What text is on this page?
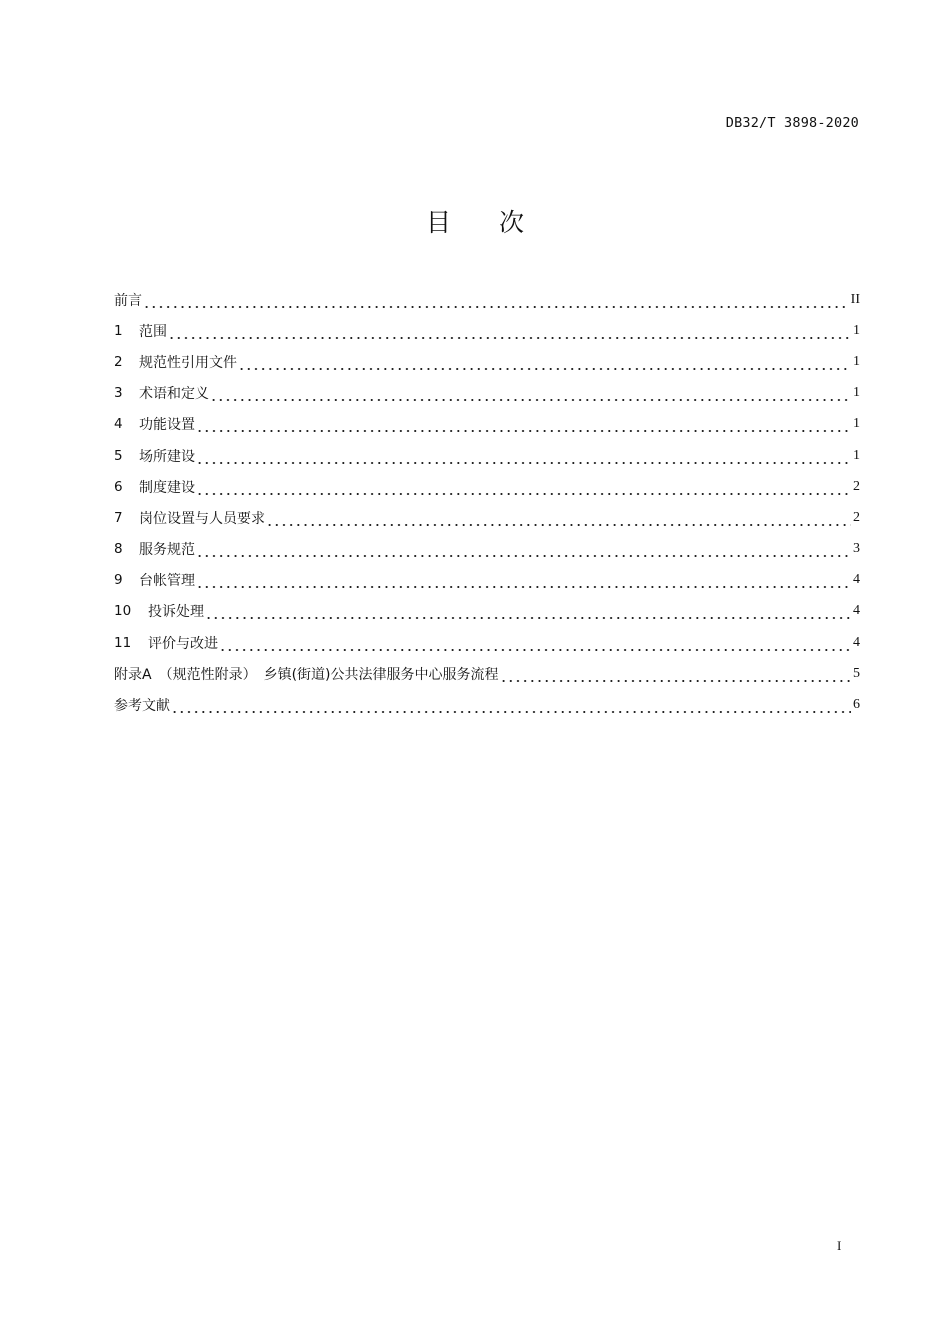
DB32/T 3898-2020
目 次
前言	II
1	范围	1
2	规范性引用文件	1
3	术语和定义	1
4	功能设置	1
5	场所建设	1
6	制度建设	2
7	岗位设置与人员要求	2
8	服务规范	3
9	台帐管理	4
10	投诉处理	4
11	评价与改进	4
附录A　（规范性附录）　乡镇(街道)公共法律服务中心服务流程	5
参考文献	6
I
